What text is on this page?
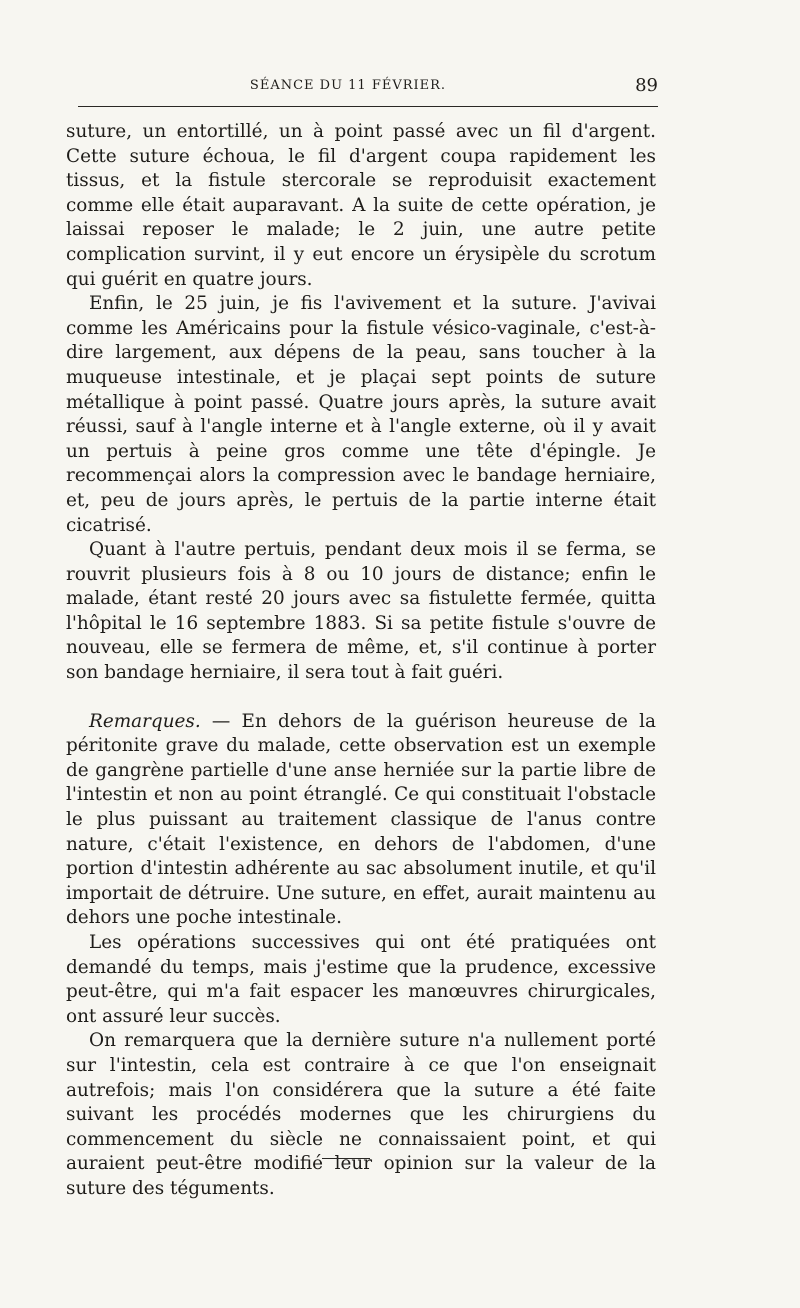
SÉANCE DU 11 FÉVRIER.	89

suture, un entortillé, un à point passé avec un fil d'argent. Cette suture échoua, le fil d'argent coupa rapidement les tissus, et la fistule stercorale se reproduisit exactement comme elle était auparavant. A la suite de cette opération, je laissai reposer le malade; le 2 juin, une autre petite complication survint, il y eut encore un érysipèle du scrotum qui guérit en quatre jours.

Enfin, le 25 juin, je fis l'avivement et la suture. J'avivai comme les Américains pour la fistule vésico-vaginale, c'est-à-dire largement, aux dépens de la peau, sans toucher à la muqueuse intestinale, et je plaçai sept points de suture métallique à point passé. Quatre jours après, la suture avait réussi, sauf à l'angle interne et à l'angle externe, où il y avait un pertuis à peine gros comme une tête d'épingle. Je recommençai alors la compression avec le bandage herniaire, et, peu de jours après, le pertuis de la partie interne était cicatrisé.

Quant à l'autre pertuis, pendant deux mois il se ferma, se rouvrit plusieurs fois à 8 ou 10 jours de distance; enfin le malade, étant resté 20 jours avec sa fistulette fermée, quitta l'hôpital le 16 septembre 1883. Si sa petite fistule s'ouvre de nouveau, elle se fermera de même, et, s'il continue à porter son bandage herniaire, il sera tout à fait guéri.

Remarques. — En dehors de la guérison heureuse de la péritonite grave du malade, cette observation est un exemple de gangrène partielle d'une anse herniée sur la partie libre de l'intestin et non au point étranglé. Ce qui constituait l'obstacle le plus puissant au traitement classique de l'anus contre nature, c'était l'existence, en dehors de l'abdomen, d'une portion d'intestin adhérente au sac absolument inutile, et qu'il importait de détruire. Une suture, en effet, aurait maintenu au dehors une poche intestinale.

Les opérations successives qui ont été pratiquées ont demandé du temps, mais j'estime que la prudence, excessive peut-être, qui m'a fait espacer les manœuvres chirurgicales, ont assuré leur succès.

On remarquera que la dernière suture n'a nullement porté sur l'intestin, cela est contraire à ce que l'on enseignait autrefois; mais l'on considérera que la suture a été faite suivant les procédés modernes que les chirurgiens du commencement du siècle ne connaissaient point, et qui auraient peut-être modifié leur opinion sur la valeur de la suture des téguments.
